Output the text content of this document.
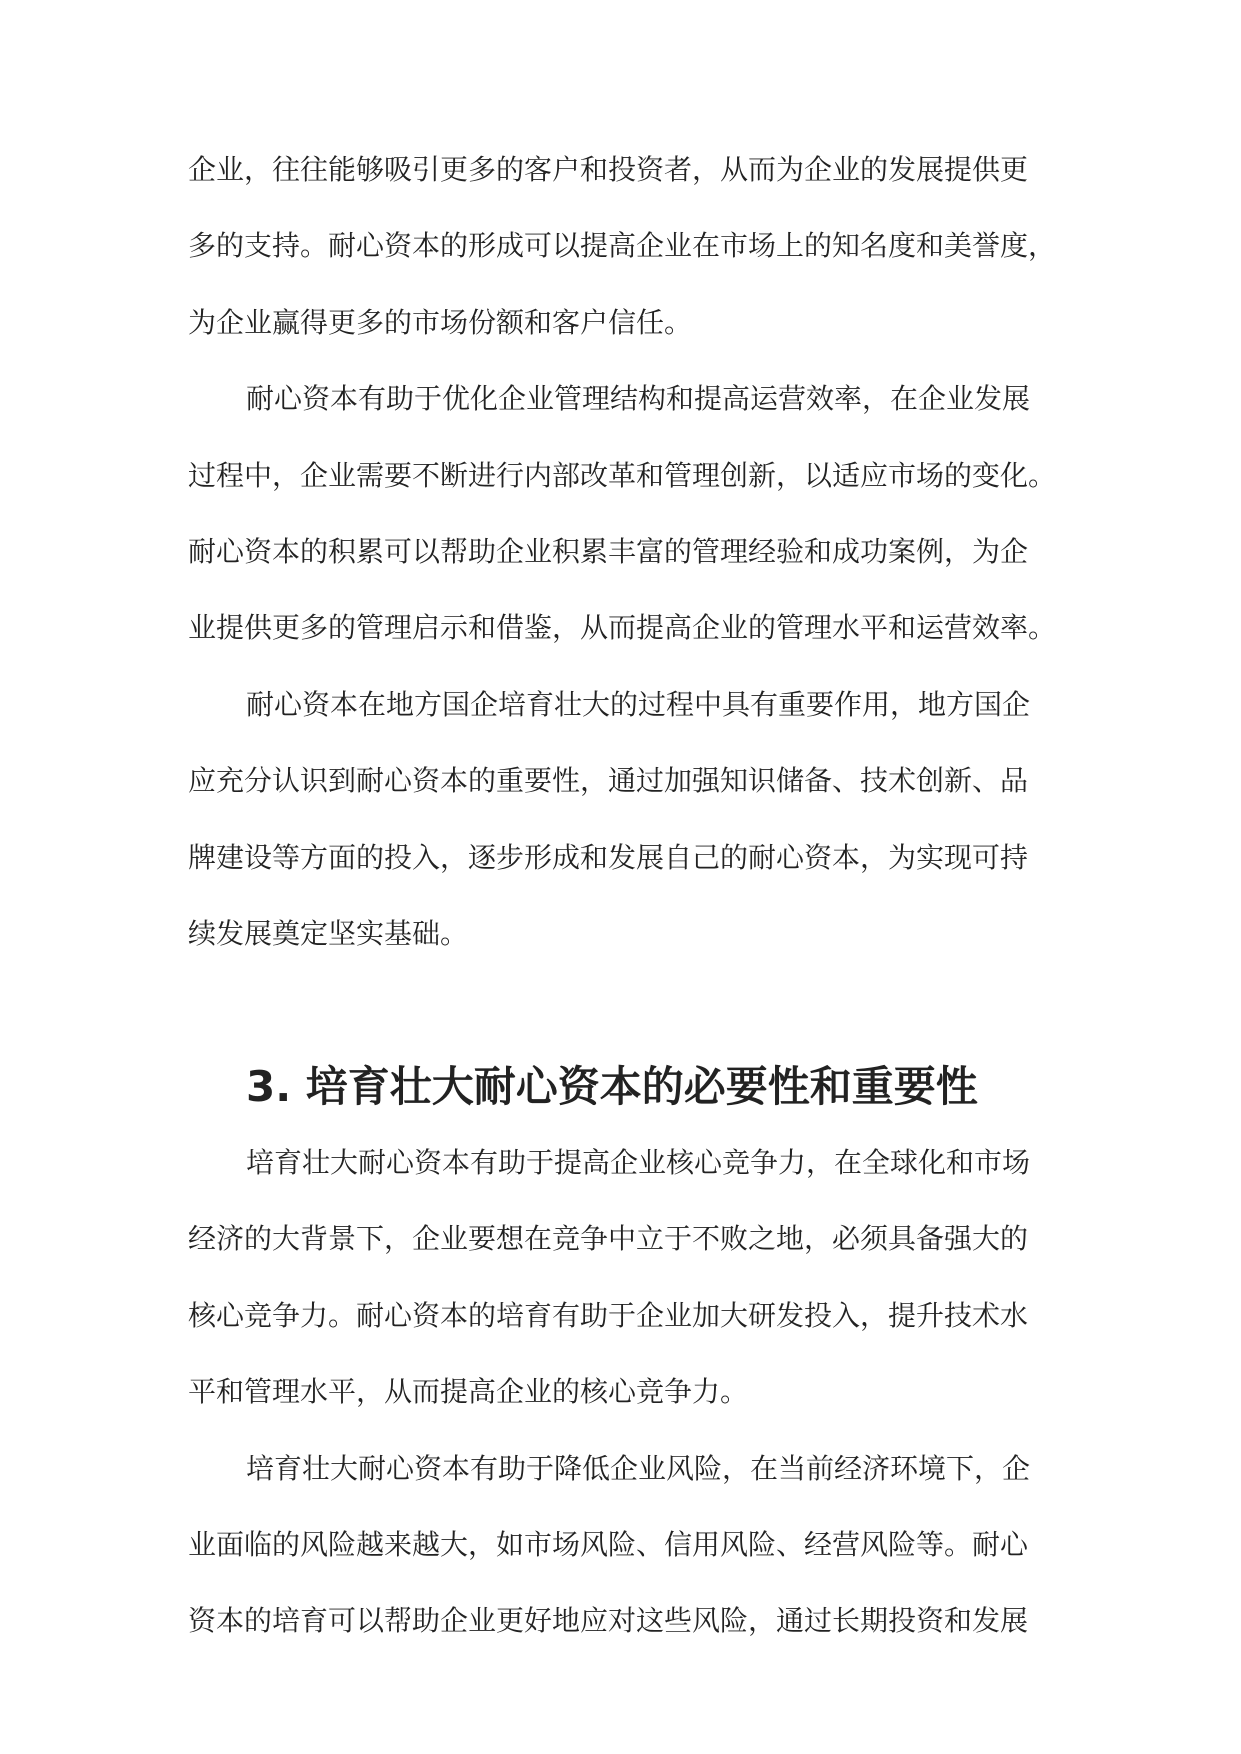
企业，往往能够吸引更多的客户和投资者，从而为企业的发展提供更

多的支持。耐心资本的形成可以提高企业在市场上的知名度和美誉度，

为企业赢得更多的市场份额和客户信任。

耐心资本有助于优化企业管理结构和提高运营效率，在企业发展

过程中，企业需要不断进行内部改革和管理创新，以适应市场的变化。

耐心资本的积累可以帮助企业积累丰富的管理经验和成功案例，为企

业提供更多的管理启示和借鉴，从而提高企业的管理水平和运营效率。

耐心资本在地方国企培育壮大的过程中具有重要作用，地方国企

应充分认识到耐心资本的重要性，通过加强知识储备、技术创新、品

牌建设等方面的投入，逐步形成和发展自己的耐心资本，为实现可持

续发展奠定坚实基础。

3. 培育壮大耐心资本的必要性和重要性

培育壮大耐心资本有助于提高企业核心竞争力，在全球化和市场

经济的大背景下，企业要想在竞争中立于不败之地，必须具备强大的

核心竞争力。耐心资本的培育有助于企业加大研发投入，提升技术水

平和管理水平，从而提高企业的核心竞争力。

培育壮大耐心资本有助于降低企业风险，在当前经济环境下，企

业面临的风险越来越大，如市场风险、信用风险、经营风险等。耐心

资本的培育可以帮助企业更好地应对这些风险，通过长期投资和发展
